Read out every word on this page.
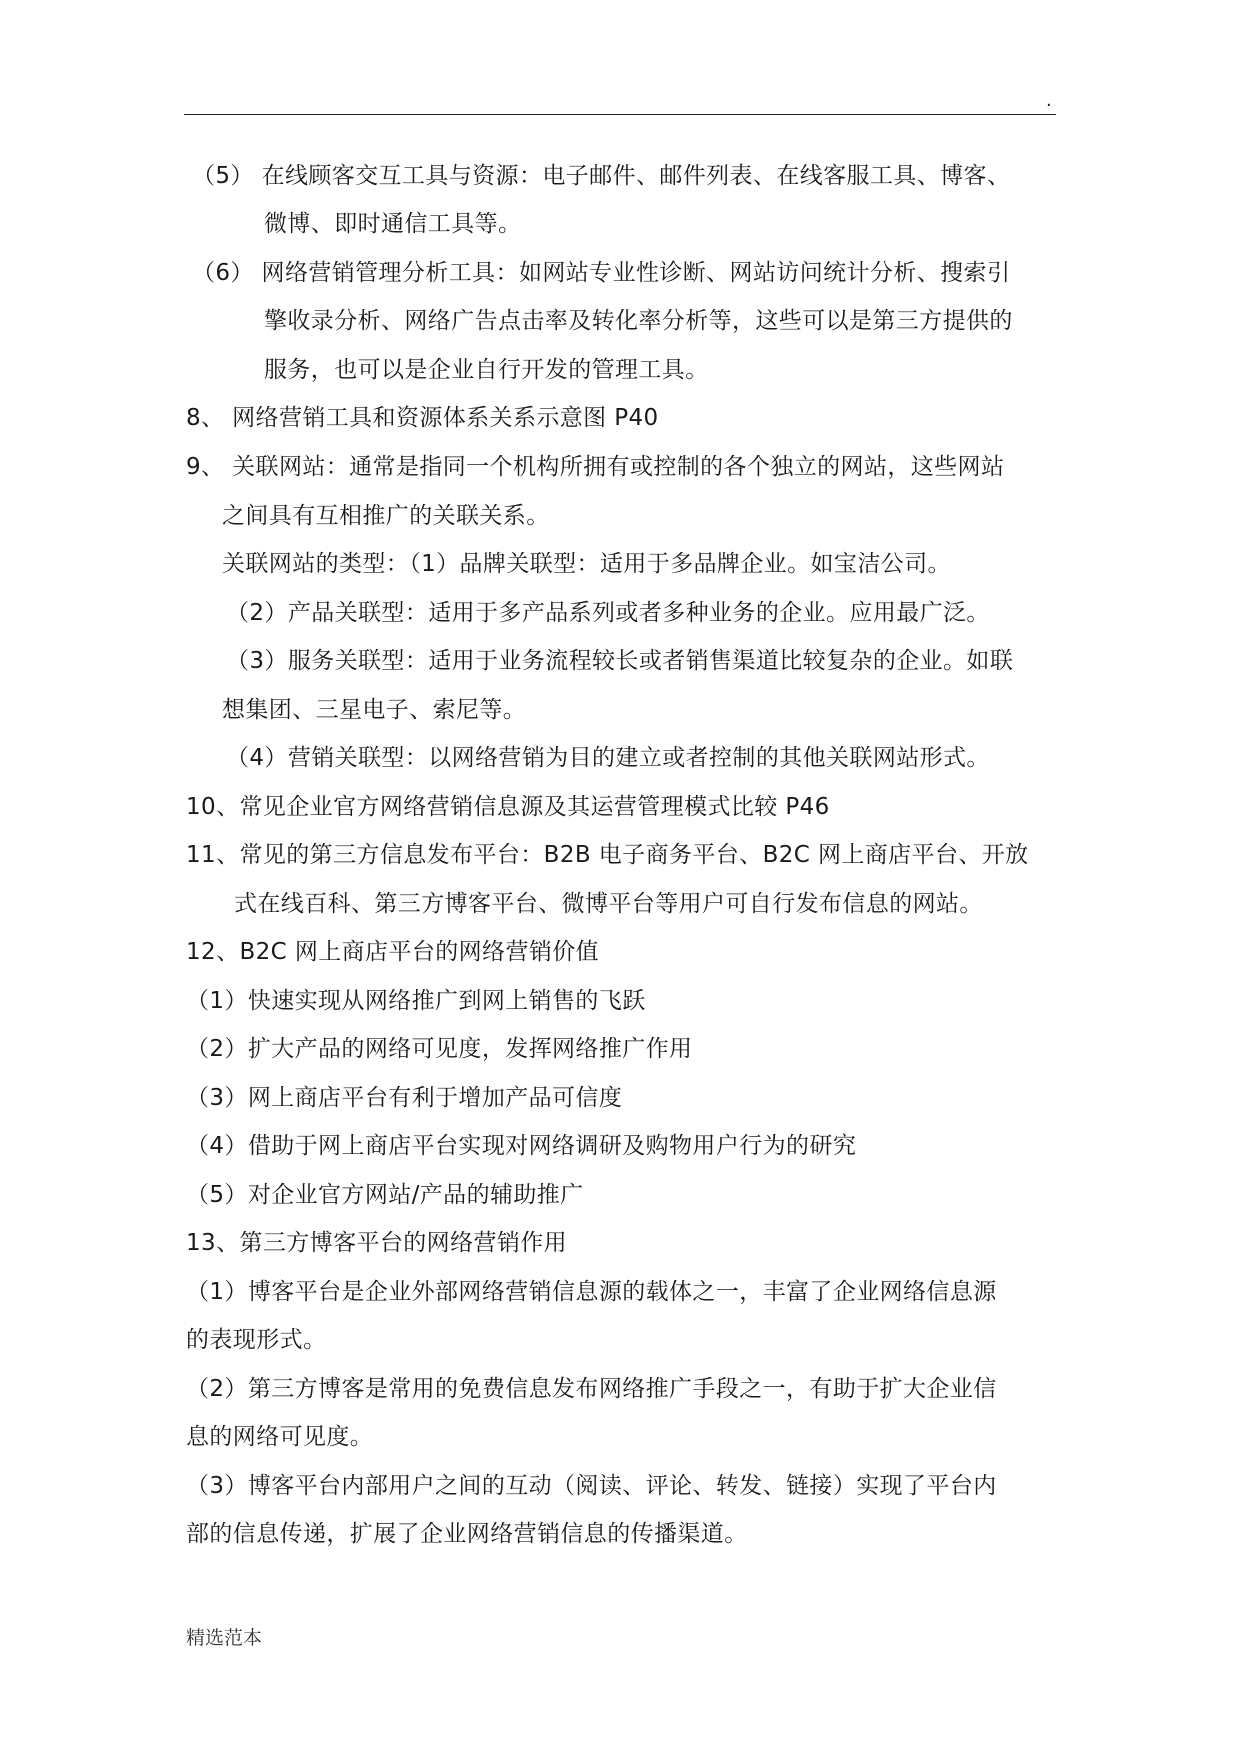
.
（5） 在线顾客交互工具与资源：电子邮件、邮件列表、在线客服工具、博客、
微博、即时通信工具等。
（6） 网络营销管理分析工具：如网站专业性诊断、网站访问统计分析、搜索引
擎收录分析、网络广告点击率及转化率分析等，这些可以是第三方提供的
服务，也可以是企业自行开发的管理工具。
8、 网络营销工具和资源体系关系示意图 P40
9、 关联网站：通常是指同一个机构所拥有或控制的各个独立的网站，这些网站
之间具有互相推广的关联关系。
关联网站的类型：（1）品牌关联型：适用于多品牌企业。如宝洁公司。
（2）产品关联型：适用于多产品系列或者多种业务的企业。应用最广泛。
（3）服务关联型：适用于业务流程较长或者销售渠道比较复杂的企业。如联
想集团、三星电子、索尼等。
（4）营销关联型：以网络营销为目的建立或者控制的其他关联网站形式。
10、常见企业官方网络营销信息源及其运营管理模式比较 P46
11、常见的第三方信息发布平台：B2B 电子商务平台、B2C 网上商店平台、开放
式在线百科、第三方博客平台、微博平台等用户可自行发布信息的网站。
12、B2C 网上商店平台的网络营销价值
（1）快速实现从网络推广到网上销售的飞跃
（2）扩大产品的网络可见度，发挥网络推广作用
（3）网上商店平台有利于增加产品可信度
（4）借助于网上商店平台实现对网络调研及购物用户行为的研究
（5）对企业官方网站/产品的辅助推广
13、第三方博客平台的网络营销作用
（1）博客平台是企业外部网络营销信息源的载体之一，丰富了企业网络信息源
的表现形式。
（2）第三方博客是常用的免费信息发布网络推广手段之一，有助于扩大企业信
息的网络可见度。
（3）博客平台内部用户之间的互动（阅读、评论、转发、链接）实现了平台内
部的信息传递，扩展了企业网络营销信息的传播渠道。
精选范本
